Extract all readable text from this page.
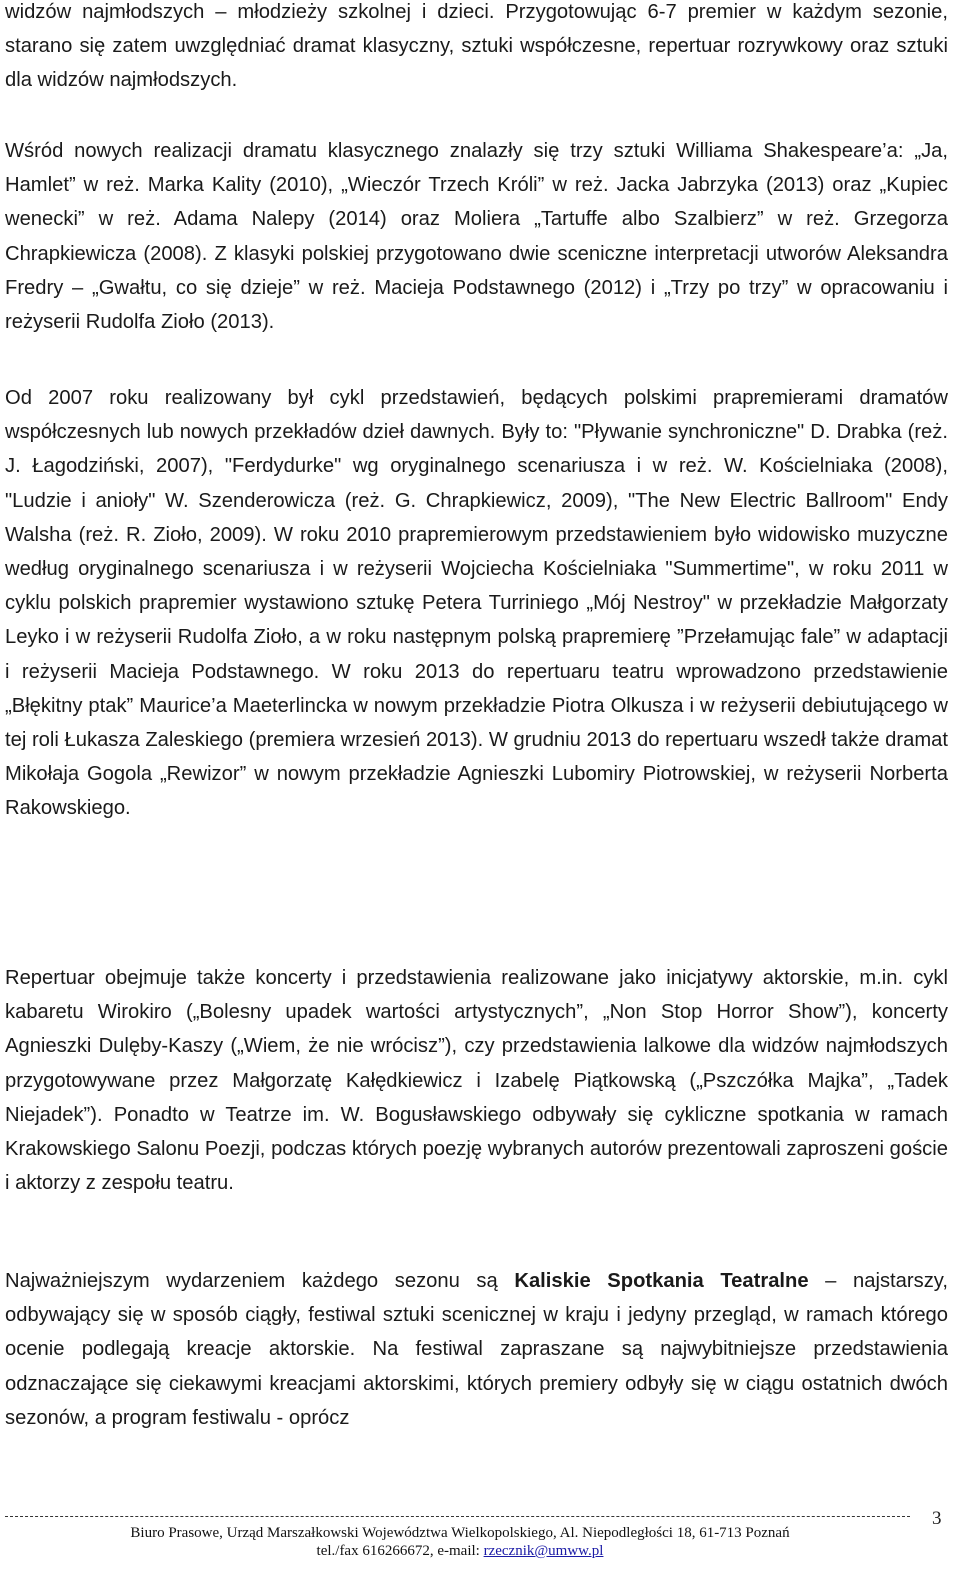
widzów najmłodszych – młodzieży szkolnej i dzieci. Przygotowując 6-7 premier w każdym sezonie, starano się zatem uwzględniać dramat klasyczny, sztuki współczesne, repertuar rozrywkowy oraz sztuki dla widzów najmłodszych.

Wśród nowych realizacji dramatu klasycznego znalazły się trzy sztuki Williama Shakespeare’a: „Ja, Hamlet” w reż. Marka Kality (2010), „Wieczór Trzech Króli” w reż. Jacka Jabrzyka (2013) oraz „Kupiec wenecki” w reż. Adama Nalepy (2014) oraz Moliera „Tartuffe albo Szalbierz” w reż. Grzegorza Chrapkiewicza (2008). Z klasyki polskiej przygotowano dwie sceniczne interpretacji utworów Aleksandra Fredry – „Gwałtu, co się dzieje” w reż. Macieja Podstawnego (2012) i „Trzy po trzy” w opracowaniu i reżyserii Rudolfa Zioło (2013).

Od 2007 roku realizowany był cykl przedstawień, będących polskimi prapremierami dramatów współczesnych lub nowych przekładów dzieł dawnych. Były to: "Pływanie synchroniczne" D. Drabka (reż. J. Łagodziński, 2007), "Ferdydurke" wg oryginalnego scenariusza i w reż. W. Kościelniaka (2008), "Ludzie i anioły" W. Szenderowicza (reż. G. Chrapkiewicz, 2009), "The New Electric Ballroom" Endy Walsha (reż. R. Zioło, 2009). W roku 2010 prapremierowym przedstawieniem było widowisko muzyczne według oryginalnego scenariusza i w reżyserii Wojciecha Kościelniaka "Summertime", w roku 2011 w cyklu polskich prapremier wystawiono sztukę Petera Turriniego „Mój Nestroy" w przekładzie Małgorzaty Leyko i w reżyserii Rudolfa Zioło, a w roku następnym polską prapremierę ”Przełamując fale” w adaptacji i reżyserii Macieja Podstawnego. W roku 2013 do repertuaru teatru wprowadzono przedstawienie „Błękitny ptak” Maurice’a Maeterlincka w nowym przekładzie Piotra Olkusza i w reżyserii debiutującego w tej roli Łukasza Zaleskiego (premiera wrzesień 2013). W grudniu 2013 do repertuaru wszedł także dramat Mikołaja Gogola „Rewizor” w nowym przekładzie Agnieszki Lubomiry Piotrowskiej, w reżyserii Norberta Rakowskiego.

Repertuar obejmuje także koncerty i przedstawienia realizowane jako inicjatywy aktorskie, m.in. cykl kabaretu Wirokiro („Bolesny upadek wartości artystycznych”, „Non Stop Horror Show”), koncerty Agnieszki Dulęby-Kaszy („Wiem, że nie wrócisz”), czy przedstawienia lalkowe dla widzów najmłodszych przygotowywane przez Małgorzatę Kałędkiewicz i Izabelę Piątkowską („Pszczółka Majka”, „Tadek Niejadek”). Ponadto w Teatrze im. W. Bogusławskiego odbywały się cykliczne spotkania w ramach Krakowskiego Salonu Poezji, podczas których poezję wybranych autorów prezentowali zaproszeni goście i aktorzy z zespołu teatru.

Najważniejszym wydarzeniem każdego sezonu są Kaliskie Spotkania Teatralne – najstarszy, odbywający się w sposób ciągły, festiwal sztuki scenicznej w kraju i jedyny przegląd, w ramach którego ocenie podlegają kreacje aktorskie. Na festiwal zapraszane są najwybitniejsze przedstawienia odznaczające się ciekawymi kreacjami aktorskimi, których premiery odbyły się w ciągu ostatnich dwóch sezonów, a program festiwalu - oprócz

3
Biuro Prasowe, Urząd Marszałkowski Województwa Wielkopolskiego, Al. Niepodległości 18, 61-713 Poznań
tel./fax 616266672, e-mail: rzecznik@umww.pl
